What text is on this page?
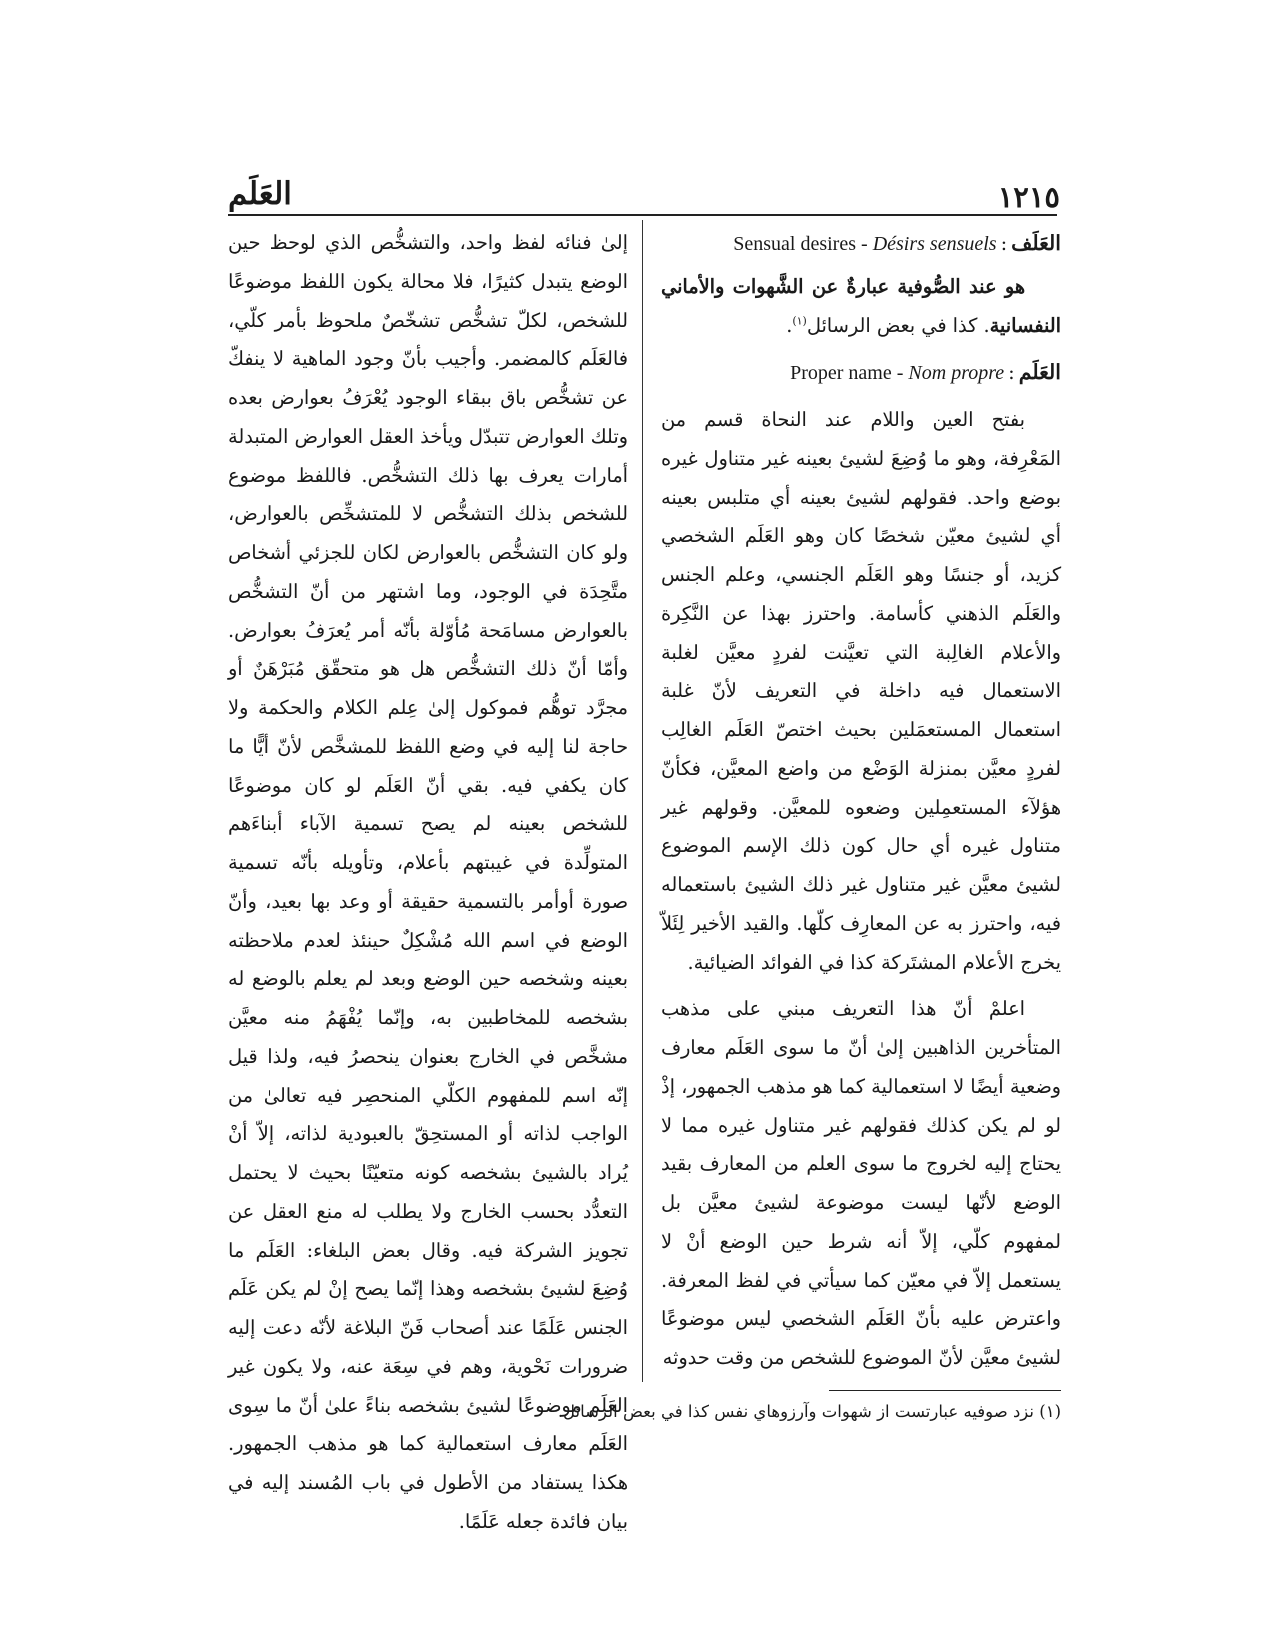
١٢١٥
العَلَم
العَلَف:Sensual desires - Désirs sensuels

هو عند الصُّوفية عبارةٌ عن الشَّهوات والأماني النفسانية. كذا في بعض الرسائل$^{(١)}$.

العَلَم:Proper name - Nom propre

بفتح العين واللام عند النحاة قسم من المَعْرِفة، وهو ما وُضِعَ لشيئ بعينه غير متناول غيره بوضع واحد. فقولهم لشيئ بعينه أي متلبس بعينه أي لشيئ معيّن شخصًا كان وهو العَلَم الشخصي كزيد، أو جنسًا وهو العَلَم الجنسي، وعلم الجنس والعَلَم الذهني كأسامة. واحترز بهذا عن النَّكِرة والأعلام الغالِبة التي تعيَّنت لفردٍ معيَّن لغلبة الاستعمال فيه داخلة في التعريف لأنّ غلبة استعمال المستعمَلين بحيث اختصّ العَلَم الغالِب لفردٍ معيَّن بمنزلة الوَضْع من واضع المعيَّن، فكأنّ هؤلآء المستعمِلين وضعوه للمعيَّن. وقولهم غير متناول غيره أي حال كون ذلك الإسم الموضوع لشيئ معيَّن غير متناول غير ذلك الشيئ باستعماله فيه، واحترز به عن المعارِف كلّها. والقيد الأخير لِئَلاّ يخرج الأعلام المشتَركة كذا في الفوائد الضيائية.

اعلمْ أنّ هذا التعريف مبني على مذهب المتأخرين الذاهبين إلىٰ أنّ ما سوى العَلَم معارف وضعية أيضًا لا استعمالية كما هو مذهب الجمهور، إذْ لو لم يكن كذلك فقولهم غير متناول غيره مما لا يحتاج إليه لخروج ما سوى العلم من المعارف بقيد الوضع لأنّها ليست موضوعة لشيئ معيَّن بل لمفهوم كلّي، إلاّ أنه شرط حين الوضع أنْ لا يستعمل إلاّ في معيّن كما سيأتي في لفظ المعرفة. واعترض عليه بأنّ العَلَم الشخصي ليس موضوعًا لشيئ معيَّن لأنّ الموضوع للشخص من وقت حدوثه

إلىٰ فنائه لفظ واحد، والتشخُّص الذي لوحظ حين الوضع يتبدل كثيرًا، فلا محالة يكون اللفظ موضوعًا للشخص، لكلّ تشخُّص تشخّصٌ ملحوظ بأمر كلّي، فالعَلَم كالمضمر. وأجيب بأنّ وجود الماهية لا ينفكّ عن تشخُّص باق ببقاء الوجود يُعْرَفُ بعوارض بعده وتلك العوارض تتبدّل ويأخذ العقل العوارض المتبدلة أمارات يعرف بها ذلك التشخُّص. فاللفظ موضوع للشخص بذلك التشخُّص لا للمتشخِّص بالعوارض، ولو كان التشخُّص بالعوارض لكان للجزئي أشخاص متَّحِدَة في الوجود، وما اشتهر من أنّ التشخُّص بالعوارض مسامَحة مُأوّلة بأنّه أمر يُعرَفُ بعوارض. وأمّا أنّ ذلك التشخُّص هل هو متحقّق مُبَرْهَنٌ أو مجرَّد توهُّم فموكول إلىٰ عِلم الكلام والحكمة ولا حاجة لنا إليه في وضع اللفظ للمشخَّص لأنّ أيًّا ما كان يكفي فيه. بقي أنّ العَلَم لو كان موضوعًا للشخص بعينه لم يصح تسمية الآباء أبناءَهم المتولِّدة في غيبتهم بأعلام، وتأويله بأنّه تسمية صورة أوأمر بالتسمية حقيقة أو وعد بها بعيد، وأنّ الوضع في اسم الله مُشْكِلٌ حينئذ لعدم ملاحظته بعينه وشخصه حين الوضع وبعد لم يعلم بالوضع له بشخصه للمخاطبين به، وإنّما يُفْهَمُ منه معيَّن مشخَّص في الخارج بعنوان ينحصرُ فيه، ولذا قيل إنّه اسم للمفهوم الكلّي المنحصِر فيه تعالىٰ من الواجب لذاته أو المستحِقّ بالعبودية لذاته، إلاّ أنْ يُراد بالشيئ بشخصه كونه متعيّنًا بحيث لا يحتمل التعدُّد بحسب الخارج ولا يطلب له منع العقل عن تجويز الشركة فيه. وقال بعض البلغاء: العَلَم ما وُضِعَ لشيئ بشخصه وهذا إنّما يصح إنْ لم يكن عَلَم الجنس عَلَمًا عند أصحاب فَنّ البلاغة لأنّه دعت إليه ضرورات نَحْوية، وهم في سِعَة عنه، ولا يكون غير العَلَم موضوعًا لشيئ بشخصه بناءً علىٰ أنّ ما سِوى العَلَم معارف استعمالية كما هو مذهب الجمهور. هكذا يستفاد من الأطول في باب المُسند إليه في بيان فائدة جعله عَلَمًا.

(١) نزد صوفيه عبارتست از شهوات وآرزوهاي نفس كذا في بعض الرسائل.
